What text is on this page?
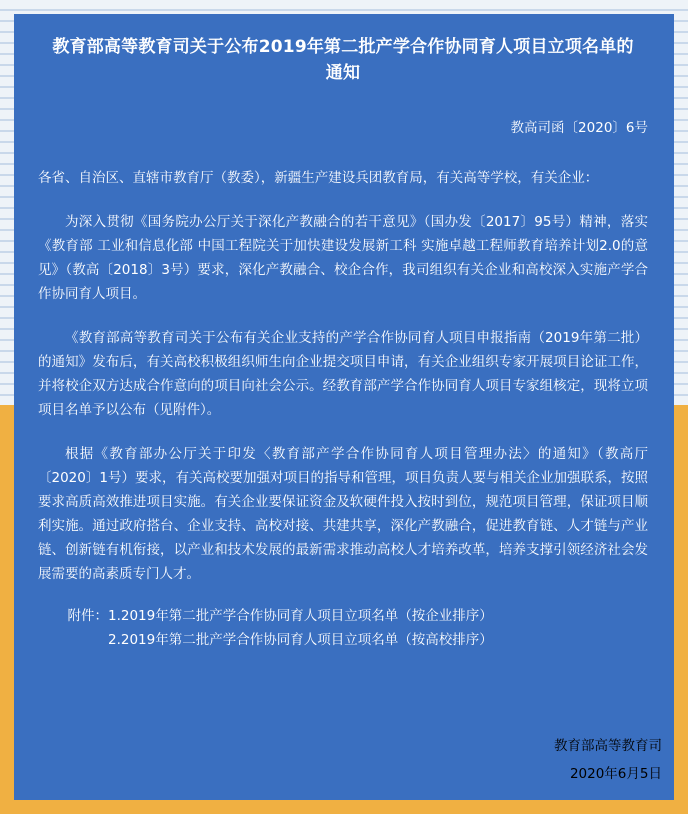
教育部高等教育司关于公布2019年第二批产学合作协同育人项目立项名单的通知
教高司函〔2020〕6号
各省、自治区、直辖市教育厅（教委），新疆生产建设兵团教育局，有关高等学校，有关企业：
为深入贯彻《国务院办公厅关于深化产教融合的若干意见》（国办发〔2017〕95号）精神，落实《教育部 工业和信息化部 中国工程院关于加快建设发展新工科 实施卓越工程师教育培养计划2.0的意见》（教高〔2018〕3号）要求，深化产教融合、校企合作，我司组织有关企业和高校深入实施产学合作协同育人项目。
《教育部高等教育司关于公布有关企业支持的产学合作协同育人项目申报指南（2019年第二批）的通知》发布后，有关高校积极组织师生向企业提交项目申请，有关企业组织专家开展项目论证工作，并将校企双方达成合作意向的项目向社会公示。经教育部产学合作协同育人项目专家组核定，现将立项项目名单予以公布（见附件）。
根据《教育部办公厅关于印发〈教育部产学合作协同育人项目管理办法〉的通知》（教高厅〔2020〕1号）要求，有关高校要加强对项目的指导和管理，项目负责人要与相关企业加强联系，按照要求高质高效推进项目实施。有关企业要保证资金及软硬件投入按时到位，规范项目管理，保证项目顺利实施。通过政府搭台、企业支持、高校对接、共建共享，深化产教融合，促进教育链、人才链与产业链、创新链有机衔接，以产业和技术发展的最新需求推动高校人才培养改革，培养支撑引领经济社会发展需要的高素质专门人才。
附件： 1.2019年第二批产学合作协同育人项目立项名单（按企业排序）
2.2019年第二批产学合作协同育人项目立项名单（按高校排序）
教育部高等教育司
2020年6月5日
